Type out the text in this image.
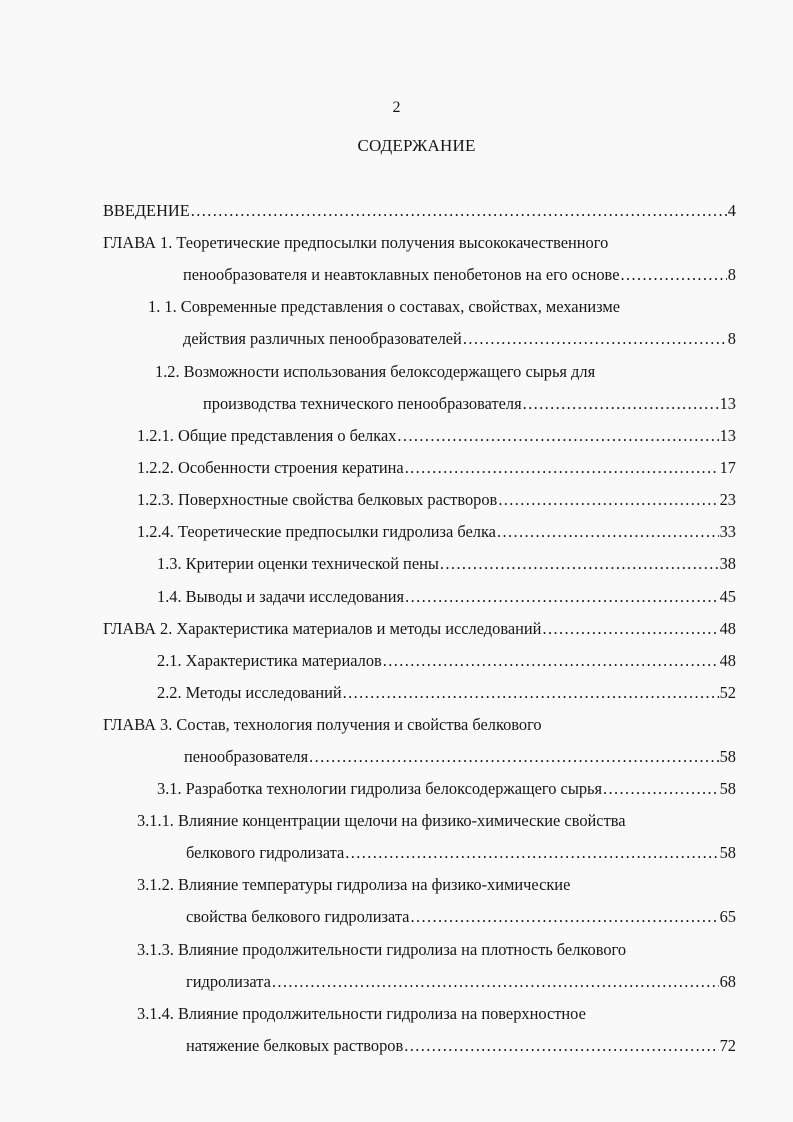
2
СОДЕРЖАНИЕ
ВВЕДЕНИЕ .....	4
ГЛАВА 1. Теоретические предпосылки получения высококачественного
пенообразователя и неавтоклавных пенобетонов на его основе .....	8
1. 1. Современные представления о составах, свойствах, механизме
действия различных пенообразователей .....	8
1.2. Возможности использования белоксодержащего сырья для
производства технического пенообразователя .....	13
1.2.1. Общие представления о белках .....	13
1.2.2. Особенности строения кератина .....	17
1.2.3. Поверхностные свойства белковых растворов .....	23
1.2.4. Теоретические предпосылки гидролиза белка .....	33
1.3. Критерии оценки технической пены .....	38
1.4. Выводы и задачи исследования .....	45
ГЛАВА 2. Характеристика материалов и методы исследований .....	48
2.1. Характеристика материалов .....	48
2.2. Методы исследований .....	52
ГЛАВА 3. Состав, технология получения и свойства белкового
пенообразователя .....	58
3.1. Разработка технологии гидролиза белоксодержащего сырья .....	58
3.1.1. Влияние концентрации щелочи на физико-химические свойства
белкового гидролизата .....	58
3.1.2. Влияние температуры гидролиза на физико-химические
свойства белкового гидролизата .....	65
3.1.3. Влияние продолжительности гидролиза на плотность белкового
гидролизата .....	68
3.1.4. Влияние продолжительности гидролиза на поверхностное
натяжение белковых растворов .....	72
